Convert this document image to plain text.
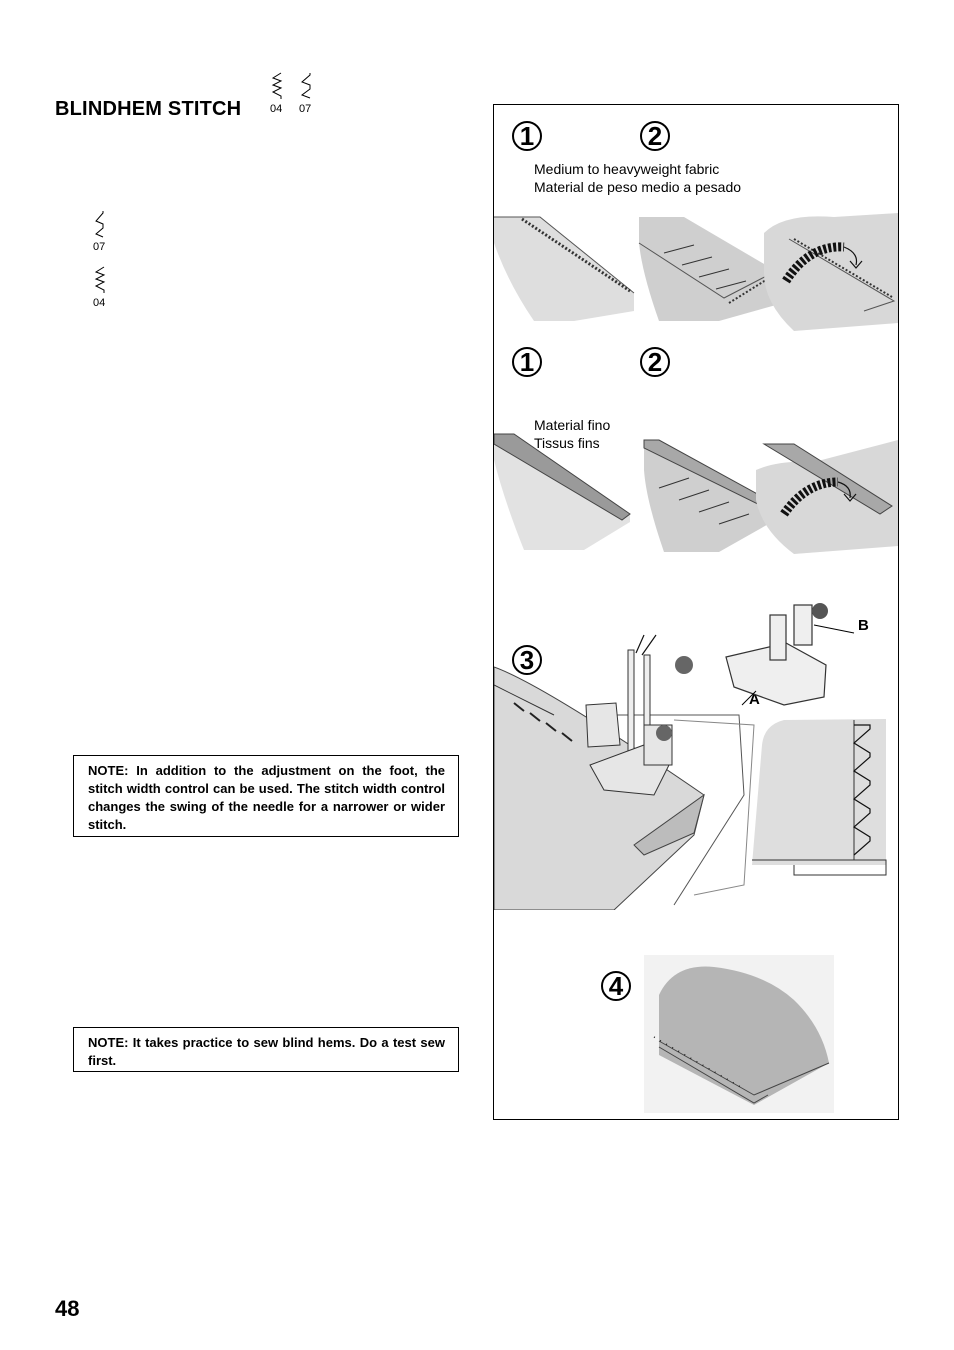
BLINDHEM STITCH	04 07
07
04
NOTE: In addition to the adjustment on the foot, the stitch width control can be used. The stitch width control changes the swing of the needle for a narrower or wider stitch.
NOTE: It takes practice to sew blind hems. Do a test sew first.
1	2
Medium to heavyweight fabric
Material de peso medio a pesado
1	2
Material fino
Tissus fins
3
B
A
4
48
